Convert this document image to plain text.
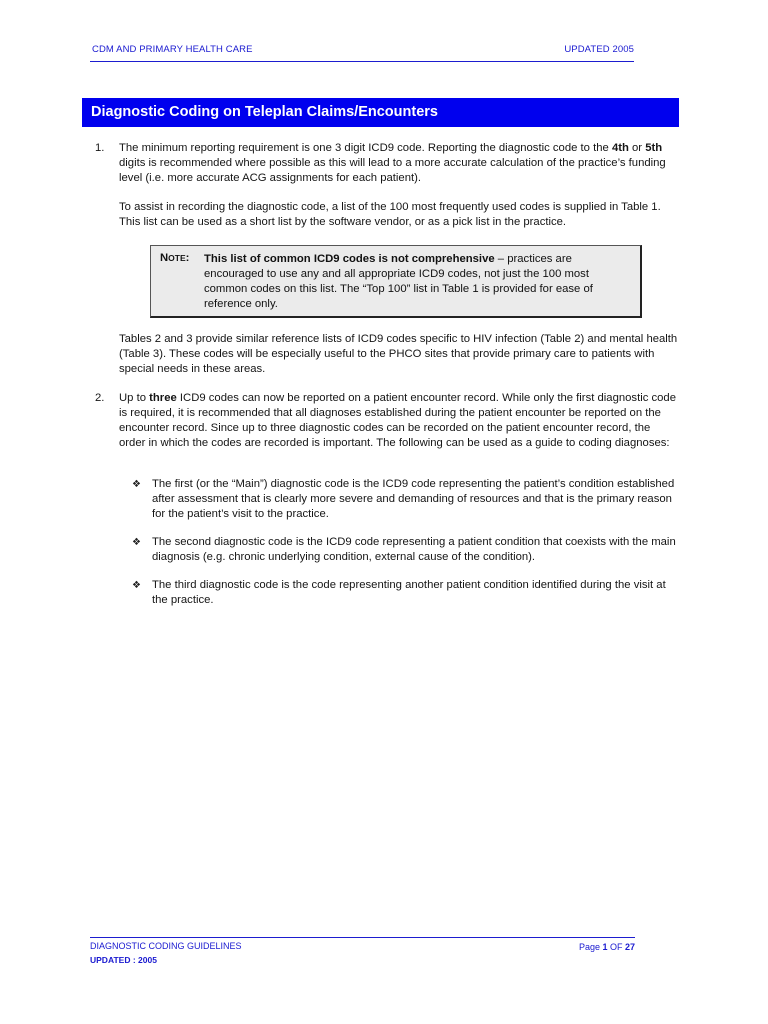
CDM AND PRIMARY HEALTH CARE	UPDATED 2005
Diagnostic Coding on Teleplan Claims/Encounters
1.	The minimum reporting requirement is one 3 digit ICD9 code. Reporting the diagnostic code to the 4th or 5th digits is recommended where possible as this will lead to a more accurate calculation of the practice’s funding level (i.e. more accurate ACG assignments for each patient).

To assist in recording the diagnostic code, a list of the 100 most frequently used codes is supplied in Table 1. This list can be used as a short list by the software vendor, or as a pick list in the practice.

Tables 2 and 3 provide similar reference lists of ICD9 codes specific to HIV infection (Table 2) and mental health (Table 3). These codes will be especially useful to the PHCO sites that provide primary care to patients with special needs in these areas.

NOTE: This list of common ICD9 codes is not comprehensive – practices are encouraged to use any and all appropriate ICD9 codes, not just the 100 most common codes on this list. The “Top 100” list in Table 1 is provided for ease of reference only.
2.	Up to three ICD9 codes can now be reported on a patient encounter record. While only the first diagnostic code is required, it is recommended that all diagnoses established during the patient encounter be reported on the encounter record. Since up to three diagnostic codes can be recorded on the patient encounter record, the order in which the codes are recorded is important. The following can be used as a guide to coding diagnoses:

❖ The first (or the “Main”) diagnostic code is the ICD9 code representing the patient’s condition established after assessment that is clearly more severe and demanding of resources and that is the primary reason for the patient’s visit to the practice.

❖ The second diagnostic code is the ICD9 code representing a patient condition that coexists with the main diagnosis (e.g. chronic underlying condition, external cause of the condition).

❖ The third diagnostic code is the code representing another patient condition identified during the visit at the practice.

DIAGNOSTIC CODING GUIDELINES
UPDATED : 2005
Page 1 OF 27
